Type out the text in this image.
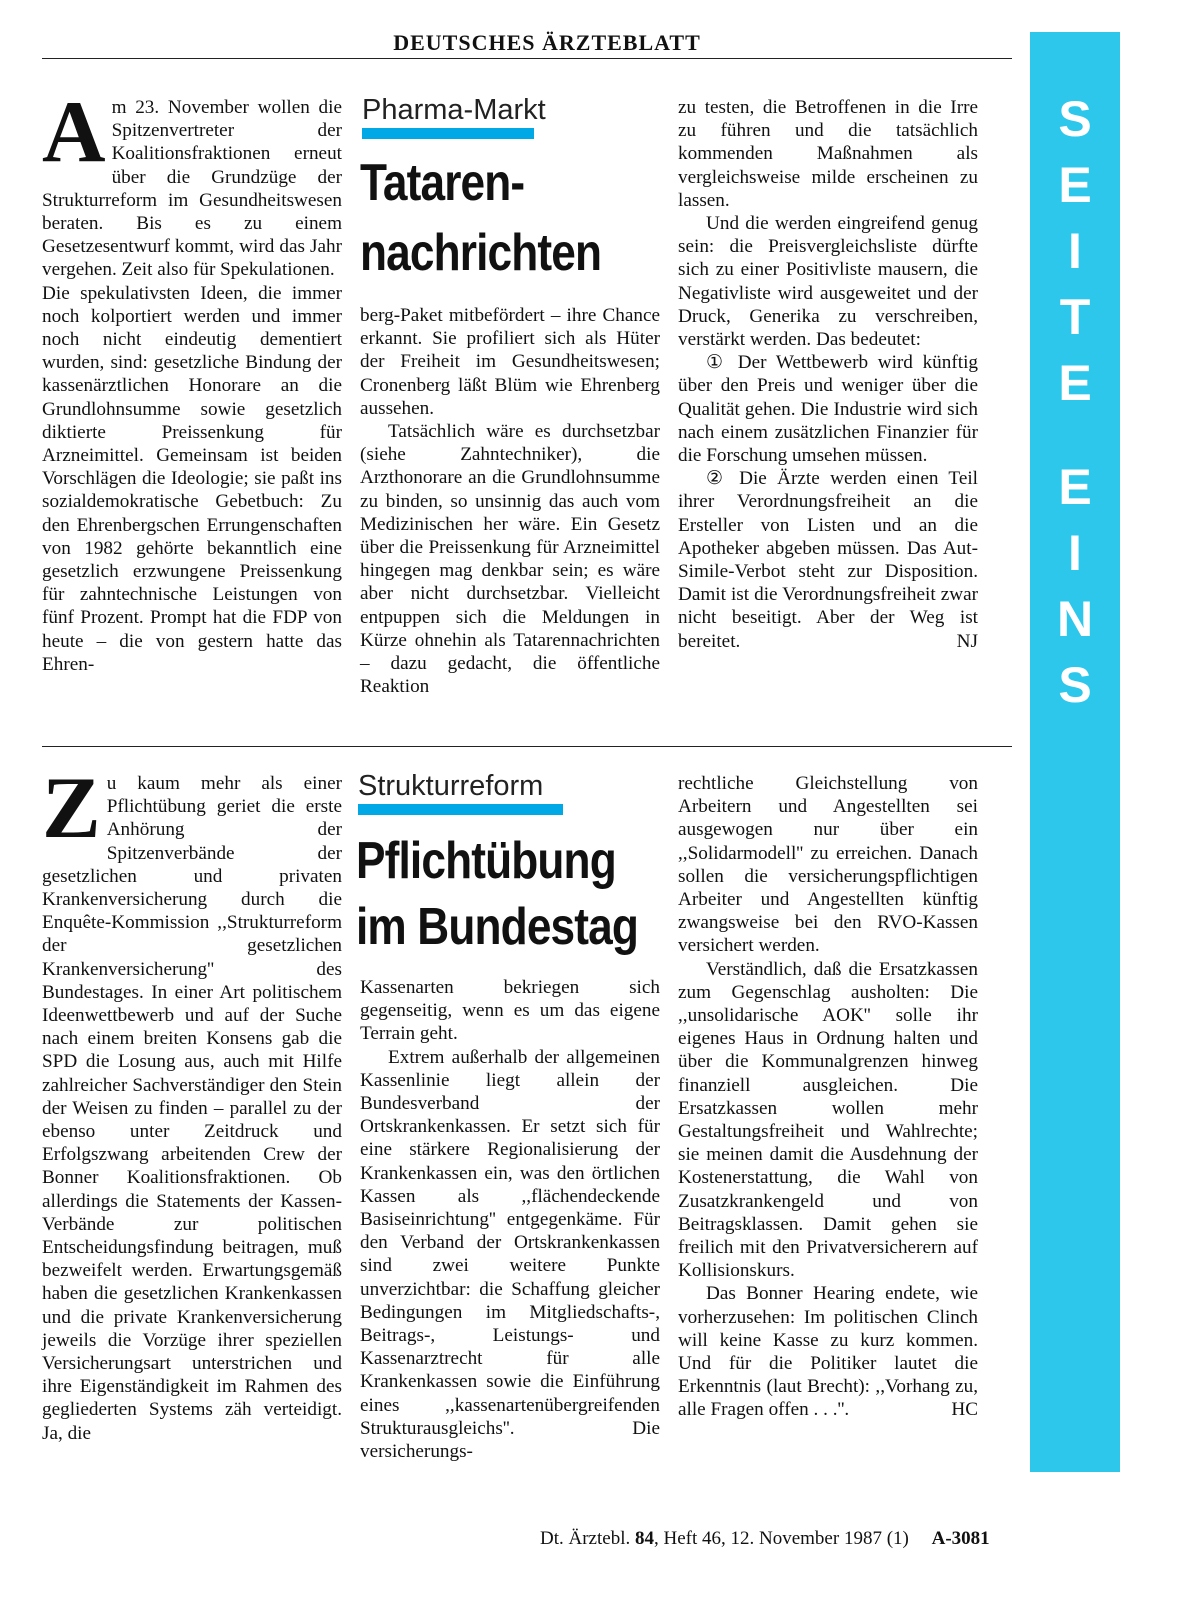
DEUTSCHES ÄRZTEBLATT
S
E
I
T
E
E
I
N
S
A m 23. November wollen die Spitzenvertreter der Koalitionsfraktionen erneut über die Grundzüge der Strukturreform im Gesundheitswesen beraten. Bis es zu einem Gesetzesentwurf kommt, wird das Jahr vergehen. Zeit also für Spekulationen.

Die spekulativsten Ideen, die immer noch kolportiert werden und immer noch nicht eindeutig dementiert wurden, sind: gesetzliche Bindung der kassenärztlichen Honorare an die Grundlohnsumme sowie gesetzlich diktierte Preissenkung für Arzneimittel. Gemeinsam ist beiden Vorschlägen die Ideologie; sie paßt ins sozialdemokratische Gebetbuch: Zu den Ehrenbergschen Errungenschaften von 1982 gehörte bekanntlich eine gesetzlich erzwungene Preissenkung für zahntechnische Leistungen von fünf Prozent. Prompt hat die FDP von heute – die von gestern hatte das Ehren-

Pharma-Markt
Tataren-
nachrichten

berg-Paket mitbefördert – ihre Chance erkannt. Sie profiliert sich als Hüter der Freiheit im Gesundheitswesen; Cronenberg läßt Blüm wie Ehrenberg aussehen.

Tatsächlich wäre es durchsetzbar (siehe Zahntechniker), die Arzthonorare an die Grundlohnsumme zu binden, so unsinnig das auch vom Medizinischen her wäre. Ein Gesetz über die Preissenkung für Arzneimittel hingegen mag denkbar sein; es wäre aber nicht durchsetzbar. Vielleicht entpuppen sich die Meldungen in Kürze ohnehin als Tatarennachrichten – dazu gedacht, die öffentliche Reaktion

zu testen, die Betroffenen in die Irre zu führen und die tatsächlich kommenden Maßnahmen als vergleichsweise milde erscheinen zu lassen.

Und die werden eingreifend genug sein: die Preisvergleichsliste dürfte sich zu einer Positivliste mausern, die Negativliste wird ausgeweitet und der Druck, Generika zu verschreiben, verstärkt werden. Das bedeutet:

① Der Wettbewerb wird künftig über den Preis und weniger über die Qualität gehen. Die Industrie wird sich nach einem zusätzlichen Finanzier für die Forschung umsehen müssen.

② Die Ärzte werden einen Teil ihrer Verordnungsfreiheit an die Ersteller von Listen und an die Apotheker abgeben müssen. Das Aut-Simile-Verbot steht zur Disposition. Damit ist die Verordnungsfreiheit zwar nicht beseitigt. Aber der Weg ist bereitet.	NJ

Z u kaum mehr als einer Pflichtübung geriet die erste Anhörung der Spitzenverbände der gesetzlichen und privaten Krankenversicherung durch die Enquête-Kommission ,,Strukturreform der gesetzlichen Krankenversicherung'' des Bundestages. In einer Art politischem Ideenwettbewerb und auf der Suche nach einem breiten Konsens gab die SPD die Losung aus, auch mit Hilfe zahlreicher Sachverständiger den Stein der Weisen zu finden – parallel zu der ebenso unter Zeitdruck und Erfolgszwang arbeitenden Crew der Bonner Koalitionsfraktionen. Ob allerdings die Statements der Kassen-Verbände zur politischen Entscheidungsfindung beitragen, muß bezweifelt werden. Erwartungsgemäß haben die gesetzlichen Krankenkassen und die private Krankenversicherung jeweils die Vorzüge ihrer speziellen Versicherungsart unterstrichen und ihre Eigenständigkeit im Rahmen des gegliederten Systems zäh verteidigt. Ja, die
Strukturreform
Pflichtübung
im Bundestag

Kassenarten bekriegen sich gegenseitig, wenn es um das eigene Terrain geht.

Extrem außerhalb der allgemeinen Kassenlinie liegt allein der Bundesverband der Ortskrankenkassen. Er setzt sich für eine stärkere Regionalisierung der Krankenkassen ein, was den örtlichen Kassen als ,,flächendeckende Basiseinrichtung'' entgegenkäme. Für den Verband der Ortskrankenkassen sind zwei weitere Punkte unverzichtbar: die Schaffung gleicher Bedingungen im Mitgliedschafts-, Beitrags-, Leistungs- und Kassenarztrecht für alle Krankenkassen sowie die Einführung eines ,,kassenartenübergreifenden Strukturausgleichs''. Die versicherungs-

rechtliche Gleichstellung von Arbeitern und Angestellten sei ausgewogen nur über ein ,,Solidarmodell'' zu erreichen. Danach sollen die versicherungspflichtigen Arbeiter und Angestellten künftig zwangsweise bei den RVO-Kassen versichert werden.

Verständlich, daß die Ersatzkassen zum Gegenschlag ausholten: Die ,,unsolidarische AOK'' solle ihr eigenes Haus in Ordnung halten und über die Kommunalgrenzen hinweg finanziell ausgleichen. Die Ersatzkassen wollen mehr Gestaltungsfreiheit und Wahlrechte; sie meinen damit die Ausdehnung der Kostenerstattung, die Wahl von Zusatzkrankengeld und von Beitragsklassen. Damit gehen sie freilich mit den Privatversicherern auf Kollisionskurs.

Das Bonner Hearing endete, wie vorherzusehen: Im politischen Clinch will keine Kasse zu kurz kommen. Und für die Politiker lautet die Erkenntnis (laut Brecht): ,,Vorhang zu, alle Fragen offen . . .''.	HC

Dt. Ärztebl. 84, Heft 46, 12. November 1987 (1) A-3081
